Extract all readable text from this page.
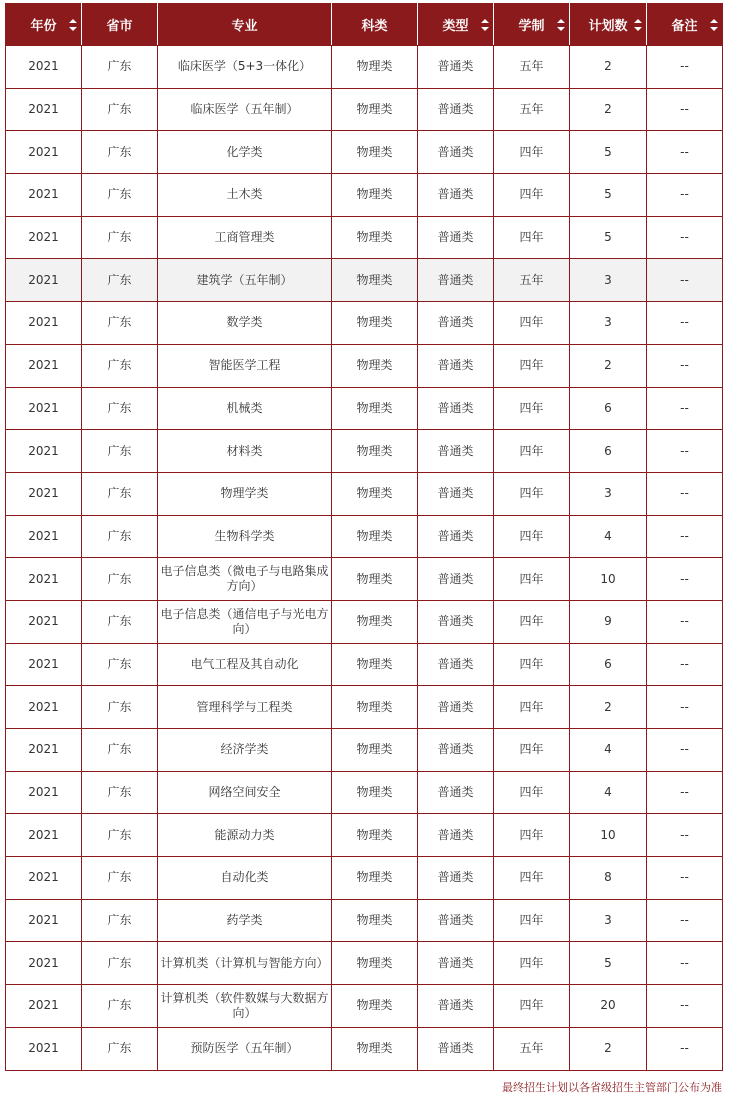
年份	省市	专业	科类	类型	学制	计划数	备注

2021	广东	临床医学（5+3一体化）	物理类	普通类	五年	2	--
2021	广东	临床医学（五年制）	物理类	普通类	五年	2	--
2021	广东	化学类	物理类	普通类	四年	5	--
2021	广东	土木类	物理类	普通类	四年	5	--
2021	广东	工商管理类	物理类	普通类	四年	5	--
2021	广东	建筑学（五年制）	物理类	普通类	五年	3	--
2021	广东	数学类	物理类	普通类	四年	3	--
2021	广东	智能医学工程	物理类	普通类	四年	2	--
2021	广东	机械类	物理类	普通类	四年	6	--
2021	广东	材料类	物理类	普通类	四年	6	--
2021	广东	物理学类	物理类	普通类	四年	3	--
2021	广东	生物科学类	物理类	普通类	四年	4	--
2021	广东	电子信息类（微电子与电路集成方向）	物理类	普通类	四年	10	--
2021	广东	电子信息类（通信电子与光电方向）	物理类	普通类	四年	9	--
2021	广东	电气工程及其自动化	物理类	普通类	四年	6	--
2021	广东	管理科学与工程类	物理类	普通类	四年	2	--
2021	广东	经济学类	物理类	普通类	四年	4	--
2021	广东	网络空间安全	物理类	普通类	四年	4	--
2021	广东	能源动力类	物理类	普通类	四年	10	--
2021	广东	自动化类	物理类	普通类	四年	8	--
2021	广东	药学类	物理类	普通类	四年	3	--
2021	广东	计算机类（计算机与智能方向）	物理类	普通类	四年	5	--
2021	广东	计算机类（软件数媒与大数据方向）	物理类	普通类	四年	20	--
2021	广东	预防医学（五年制）	物理类	普通类	五年	2	--
最终招生计划以各省级招生主管部门公布为准
